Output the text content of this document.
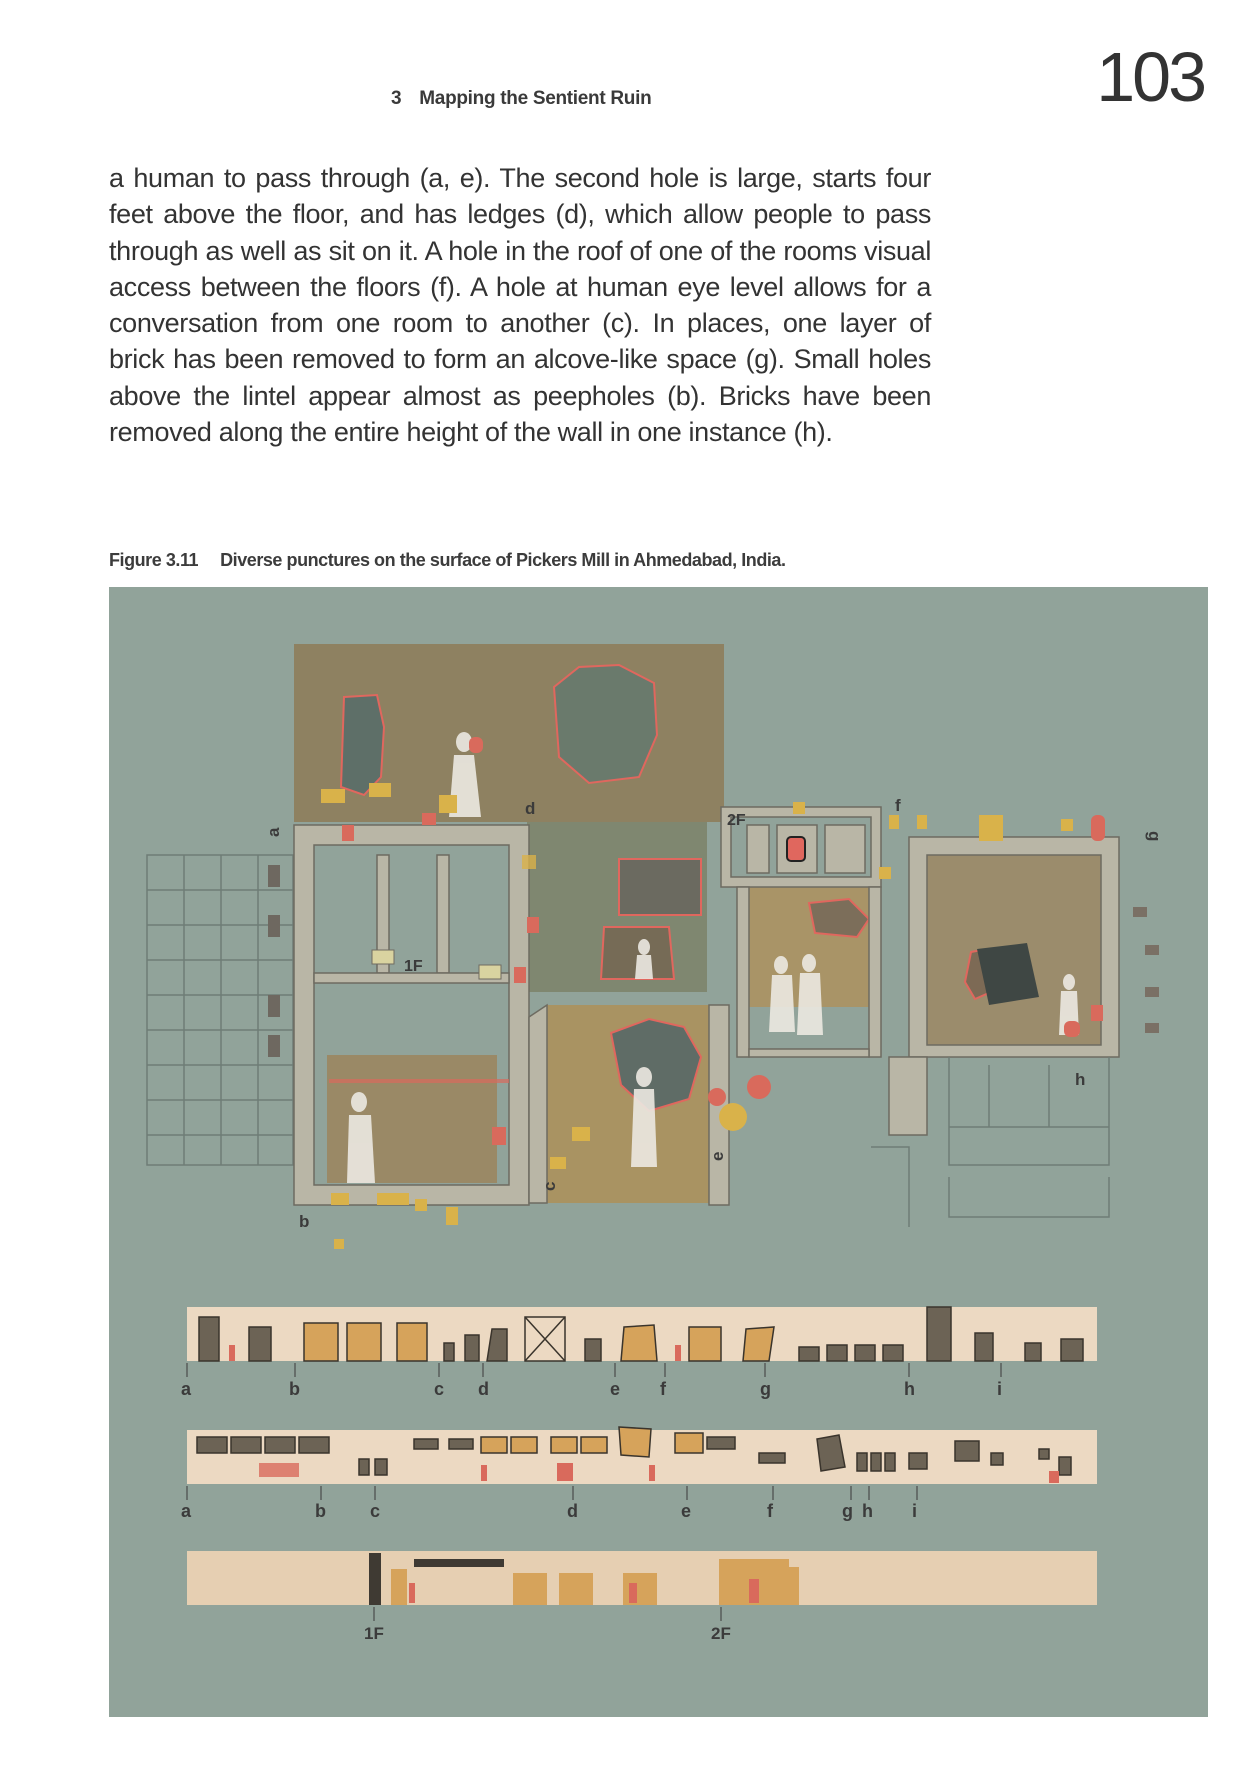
3 Mapping the Sentient Ruin	103

a human to pass through (a, e). The second hole is large, starts four feet above the floor, and has ledges (d), which allow people to pass through as well as sit on it. A hole in the roof of one of the rooms visual access between the floors (f). A hole at human eye level allows for a conversation from one room to another (c). In places, one layer of brick has been removed to form an alcove-like space (g). Small holes above the lintel appear almost as peepholes (b). Bricks have been removed along the entire height of the wall in one instance (h).

Figure 3.11 Diverse punctures on the surface of Pickers Mill in Ahmedabad, India.
a
b
c
d
e
f
g
h
1F
2F
a	b	c d	e f	g	h	i
a	b c	d	e	f	g h i
1F	2F
